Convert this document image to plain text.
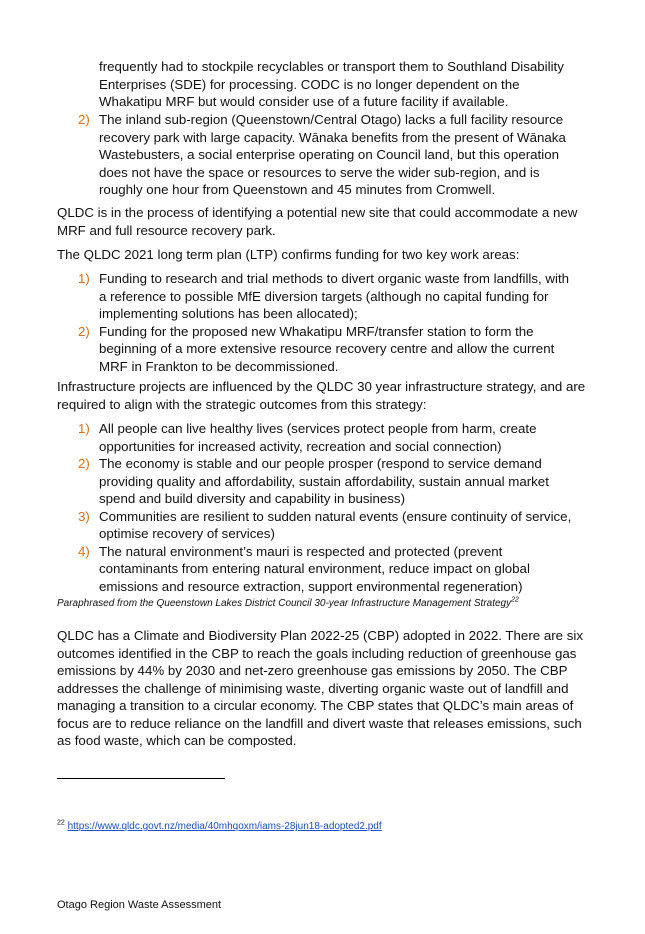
frequently had to stockpile recyclables or transport them to Southland Disability Enterprises (SDE) for processing. CODC is no longer dependent on the Whakatipu MRF but would consider use of a future facility if available.
2) The inland sub-region (Queenstown/Central Otago) lacks a full facility resource recovery park with large capacity. Wānaka benefits from the present of Wānaka Wastebusters, a social enterprise operating on Council land, but this operation does not have the space or resources to serve the wider sub-region, and is roughly one hour from Queenstown and 45 minutes from Cromwell.

QLDC is in the process of identifying a potential new site that could accommodate a new MRF and full resource recovery park.

The QLDC 2021 long term plan (LTP) confirms funding for two key work areas:

1) Funding to research and trial methods to divert organic waste from landfills, with a reference to possible MfE diversion targets (although no capital funding for implementing solutions has been allocated);
2) Funding for the proposed new Whakatipu MRF/transfer station to form the beginning of a more extensive resource recovery centre and allow the current MRF in Frankton to be decommissioned.

Infrastructure projects are influenced by the QLDC 30 year infrastructure strategy, and are required to align with the strategic outcomes from this strategy:

1) All people can live healthy lives (services protect people from harm, create opportunities for increased activity, recreation and social connection)
2) The economy is stable and our people prosper (respond to service demand providing quality and affordability, sustain affordability, sustain annual market spend and build diversity and capability in business)
3) Communities are resilient to sudden natural events (ensure continuity of service, optimise recovery of services)
4) The natural environment’s mauri is respected and protected (prevent contaminants from entering natural environment, reduce impact on global emissions and resource extraction, support environmental regeneration)
Paraphrased from the Queenstown Lakes District Council 30-year Infrastructure Management Strategy$^{22}$

QLDC has a Climate and Biodiversity Plan 2022-25 (CBP) adopted in 2022. There are six outcomes identified in the CBP to reach the goals including reduction of greenhouse gas emissions by 44% by 2030 and net-zero greenhouse gas emissions by 2050. The CBP addresses the challenge of minimising waste, diverting organic waste out of landfill and managing a transition to a circular economy. The CBP states that QLDC’s main areas of focus are to reduce reliance on the landfill and divert waste that releases emissions, such as food waste, which can be composted.

$^{22}$ https://www.qldc.govt.nz/media/40mhqoxm/iams-28jun18-adopted2.pdf
Otago Region Waste Assessment
